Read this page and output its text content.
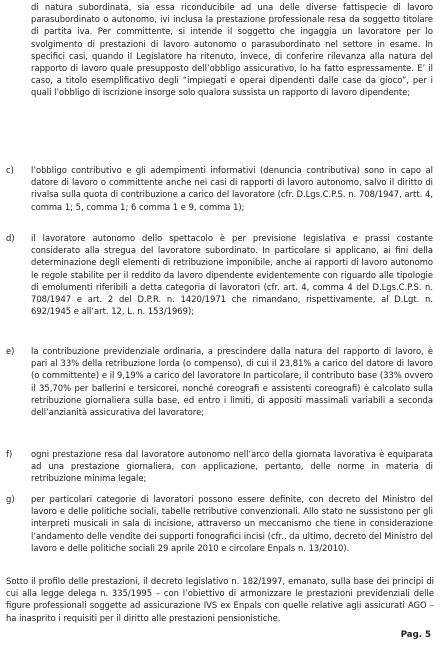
di natura subordinata, sia essa riconducibile ad una delle diverse fattispecie di lavoro parasubordinato o autonomo, ivi inclusa la prestazione professionale resa da soggetto titolare di partita iva. Per committente, si intende il soggetto che ingaggia un lavoratore per lo svolgimento di prestazioni di lavoro autonomo o parasubordinato nel settore in esame. In specifici casi, quando il Legislatore ha ritenuto, invece, di conferire rilevanza alla natura del rapporto di lavoro quale presupposto dell’obbligo assicurativo, lo ha fatto espressamente. E’ il caso, a titolo esemplificativo degli “impiegati e operai dipendenti dalle case da gioco”, per i quali l’obbligo di iscrizione insorge solo qualora sussista un rapporto di lavoro dipendente;

c) l’obbligo contributivo e gli adempimenti informativi (denuncia contributiva) sono in capo al datore di lavoro o committente anche nei casi di rapporti di lavoro autonomo, salvo il diritto di rivalsa sulla quota di contribuzione a carico del lavoratore (cfr. D.Lgs.C.P.S. n. 708/1947, artt. 4, comma 1; 5, comma 1; 6 comma 1 e 9, comma 1);

d) il lavoratore autonomo dello spettacolo è per previsione legislativa e prassi costante considerato alla stregua del lavoratore subordinato. In particolare si applicano, ai fini della determinazione degli elementi di retribuzione imponibile, anche ai rapporti di lavoro autonomo le regole stabilite per il reddito da lavoro dipendente evidentemente con riguardo alle tipologie di emolumenti riferibili a detta categoria di lavoratori (cfr. art. 4, comma 4 del D.Lgs.C.P.S. n. 708/1947 e art. 2 del D.P.R. n. 1420/1971 che rimandano, rispettivamente, al D.Lgt. n. 692/1945 e all’art. 12, L. n. 153/1969);

e) la contribuzione previdenziale ordinaria, a prescindere dalla natura del rapporto di lavoro, è pari al 33% della retribuzione lorda (o compenso), di cui il 23,81% a carico del datore di lavoro (o committente) e il 9,19% a carico del lavoratore In particolare, il contributo base (33% ovvero il 35,70% per ballerini e tersicorei, nonché coreografi e assistenti coreografi) è calcolato sulla retribuzione giornaliera sulla base, ed entro i limiti, di appositi massimali variabili a seconda dell’anzianità assicurativa del lavoratore;

f) ogni prestazione resa dal lavoratore autonomo nell’arco della giornata lavorativa è equiparata ad una prestazione giornaliera, con applicazione, pertanto, delle norme in materia di retribuzione minima legale;

g) per particolari categorie di lavoratori possono essere definite, con decreto del Ministro del lavoro e delle politiche sociali, tabelle retributive convenzionali. Allo stato ne sussistono per gli interpreti musicali in sala di incisione, attraverso un meccanismo che tiene in considerazione l’andamento delle vendite dei supporti fonografici incisi (cfr., da ultimo, decreto del Ministro del lavoro e delle politiche sociali 29 aprile 2010 e circolare Enpals n. 13/2010).

Sotto il profilo delle prestazioni, il decreto legislativo n. 182/1997, emanato, sulla base dei principi di cui alla legge delega n. 335/1995 – con l’obiettivo di armonizzare le prestazioni previdenziali delle figure professionali soggette ad assicurazione IVS ex Enpals con quelle relative agli assicurati AGO – ha inasprito i requisiti per il diritto alle prestazioni pensionistiche.

Pag. 5
